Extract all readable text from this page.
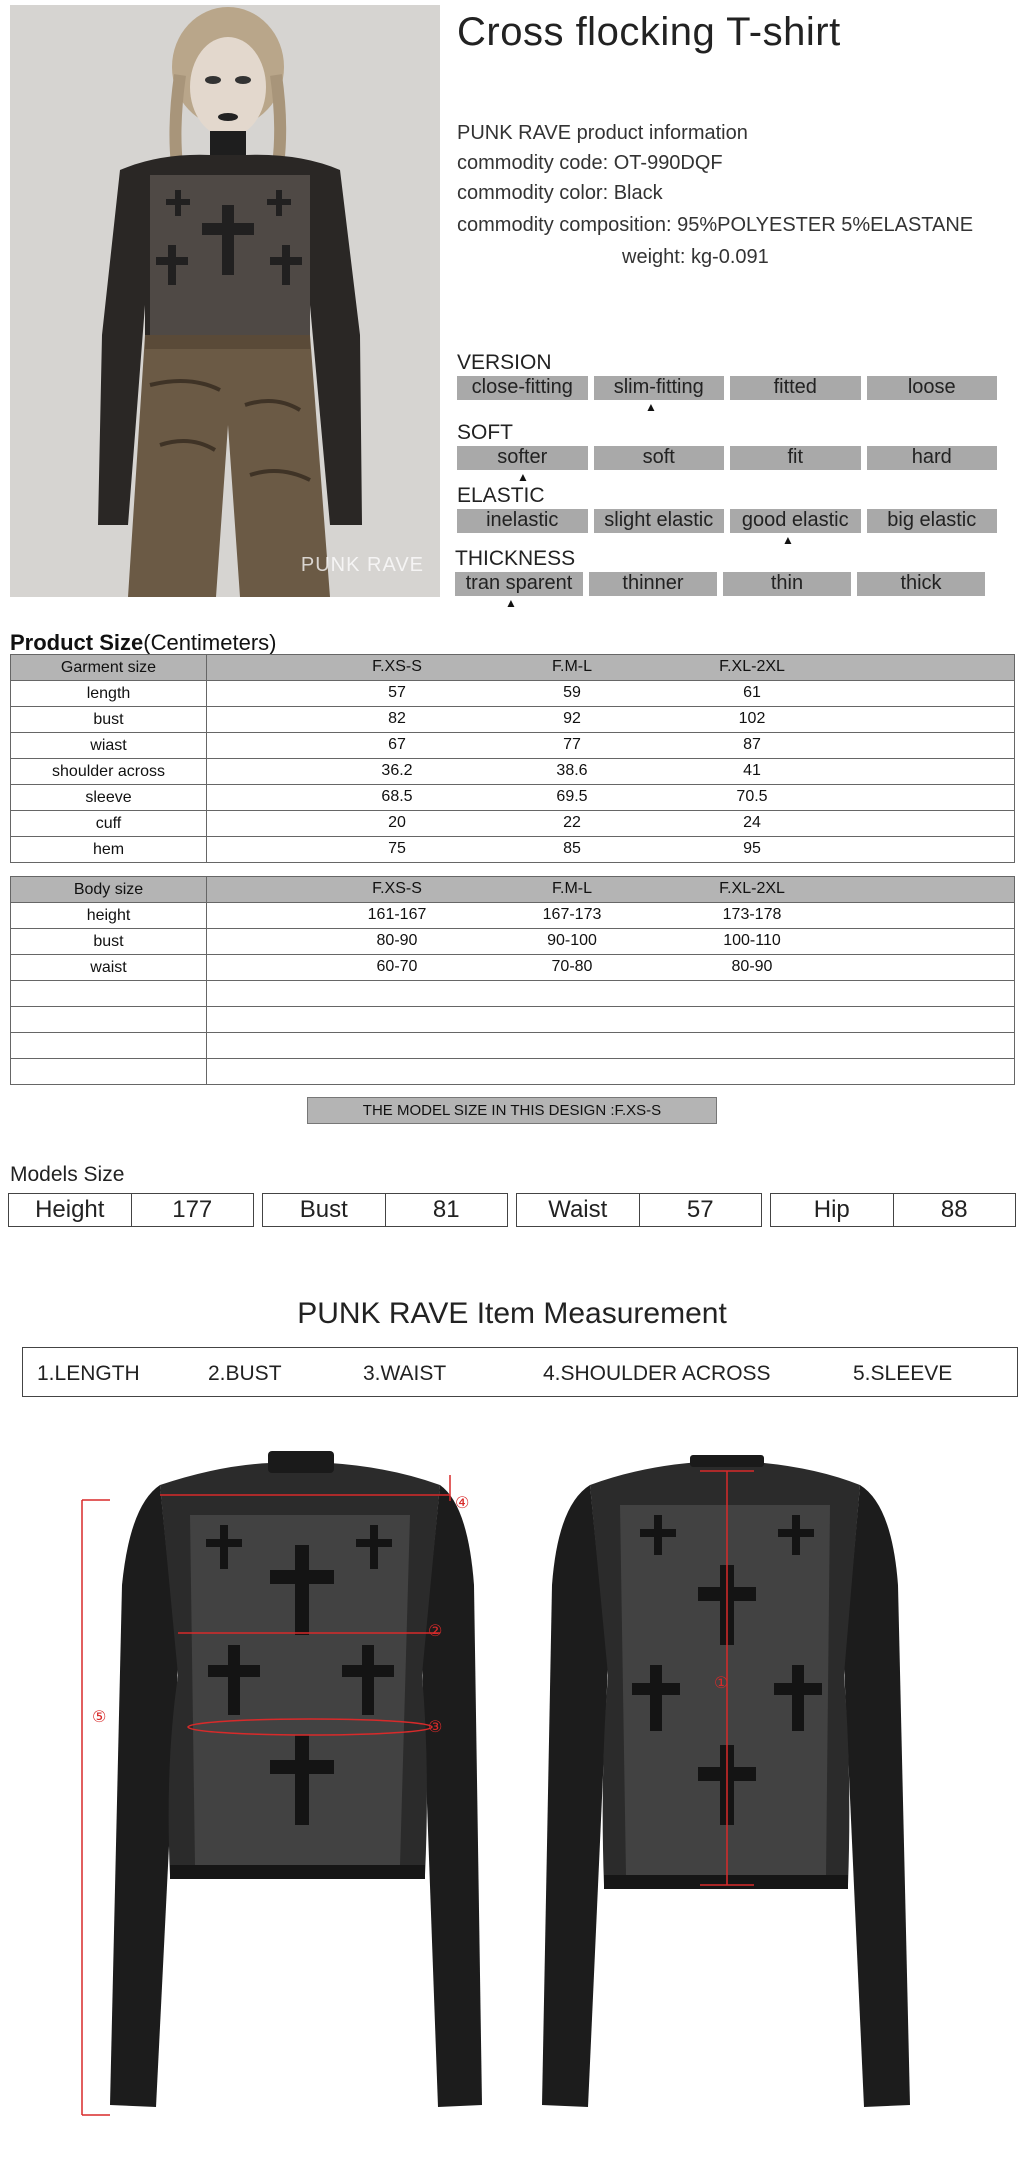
PUNK RAVE
Cross flocking T-shirt
PUNK RAVE product information
commodity code: OT-990DQF
commodity color: Black
commodity composition: 95%POLYESTER 5%ELASTANE
weight: kg-0.091
VERSION
close-fitting	slim-fitting	fitted	loose
▲
SOFT
softer	soft	fit	hard
▲
ELASTIC
inelastic	slight elastic	good elastic	big elastic
▲
THICKNESS
tran sparent	thinner	thin	thick
▲
Product Size(Centimeters)
Garment size	F.XS-S F.M-L F.XL-2XL

length	57 59 61

bust	82 92 102

wiast	67 77 87

shoulder across	36.2 38.6 41

sleeve	68.5 69.5 70.5

cuff	20 22 24

hem	75 85 95
Body size	F.XS-S F.M-L F.XL-2XL

height	161-167 167-173 173-178

bust	80-90 90-100 100-110

waist	60-70 70-80 80-90

THE MODEL SIZE IN THIS DESIGN :F.XS-S
Models Size
Height	177	Bust	81	Waist	57	Hip	88
PUNK RAVE Item Measurement
1.LENGTH	2.BUST	3.WAIST	4.SHOULDER ACROSS	5.SLEEVE
④
②
③
⑤
①
